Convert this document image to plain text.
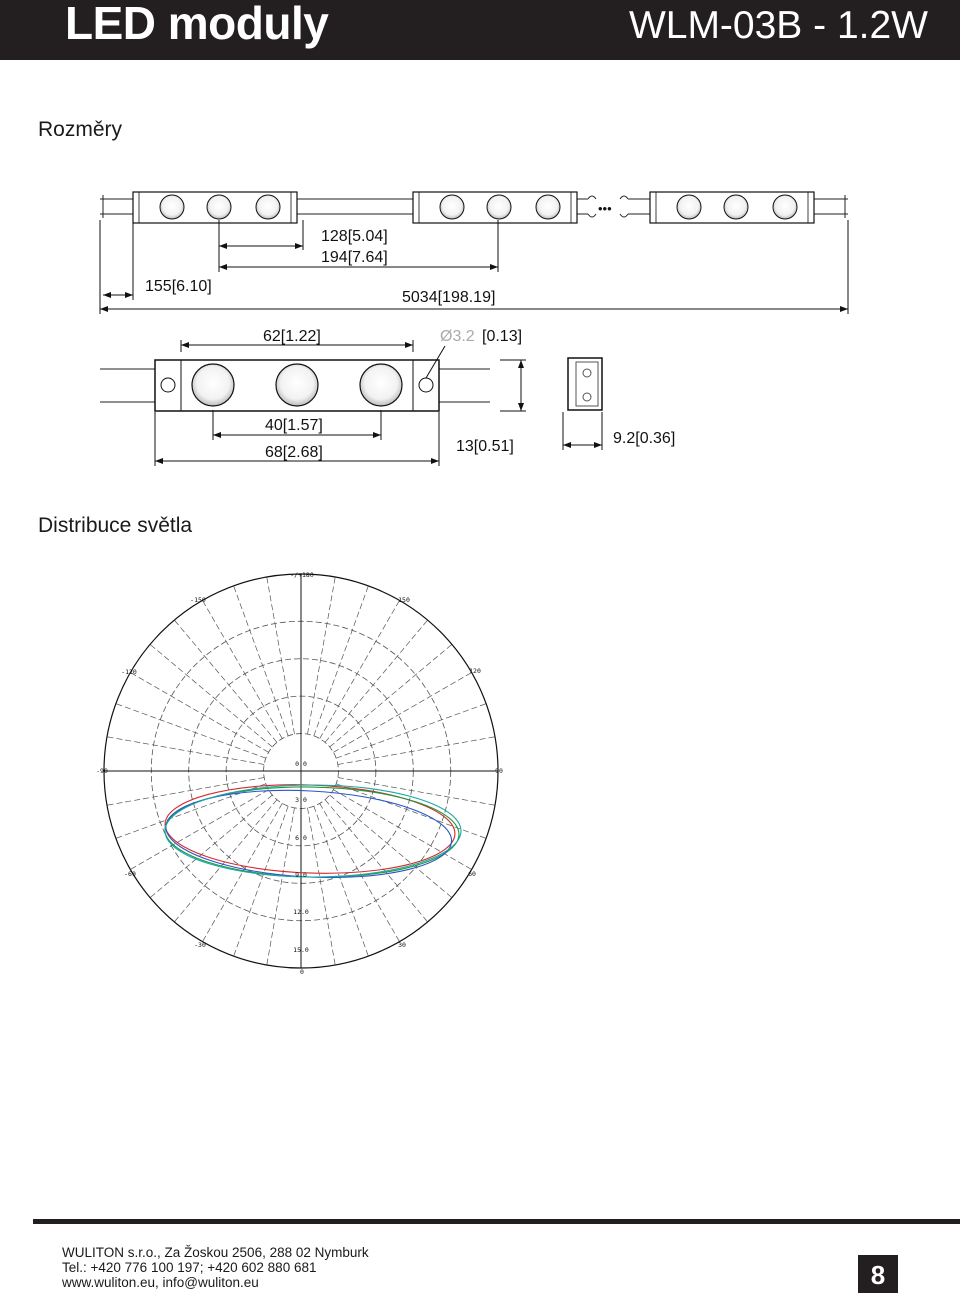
LED moduly	WLM-03B - 1.2W
Rozměry
•••
128[5.04]
194[7.64]
155[6.10]
5034[198.19]
62[1.22]	Ø3.2 [0.13]
40[1.57]
68[2.68]	13[0.51]	9.2[0.36]
Distribuce světla
-/+180
-150	150
-120	120
-90	90
-60	60
-30	30
0
0.0
3.0
6.0
9.0
12.0
15.0
WULITON s.r.o., Za Žoskou 2506, 288 02 Nymburk
Tel.: +420 776 100 197; +420 602 880 681
www.wuliton.eu, info@wuliton.eu	8
